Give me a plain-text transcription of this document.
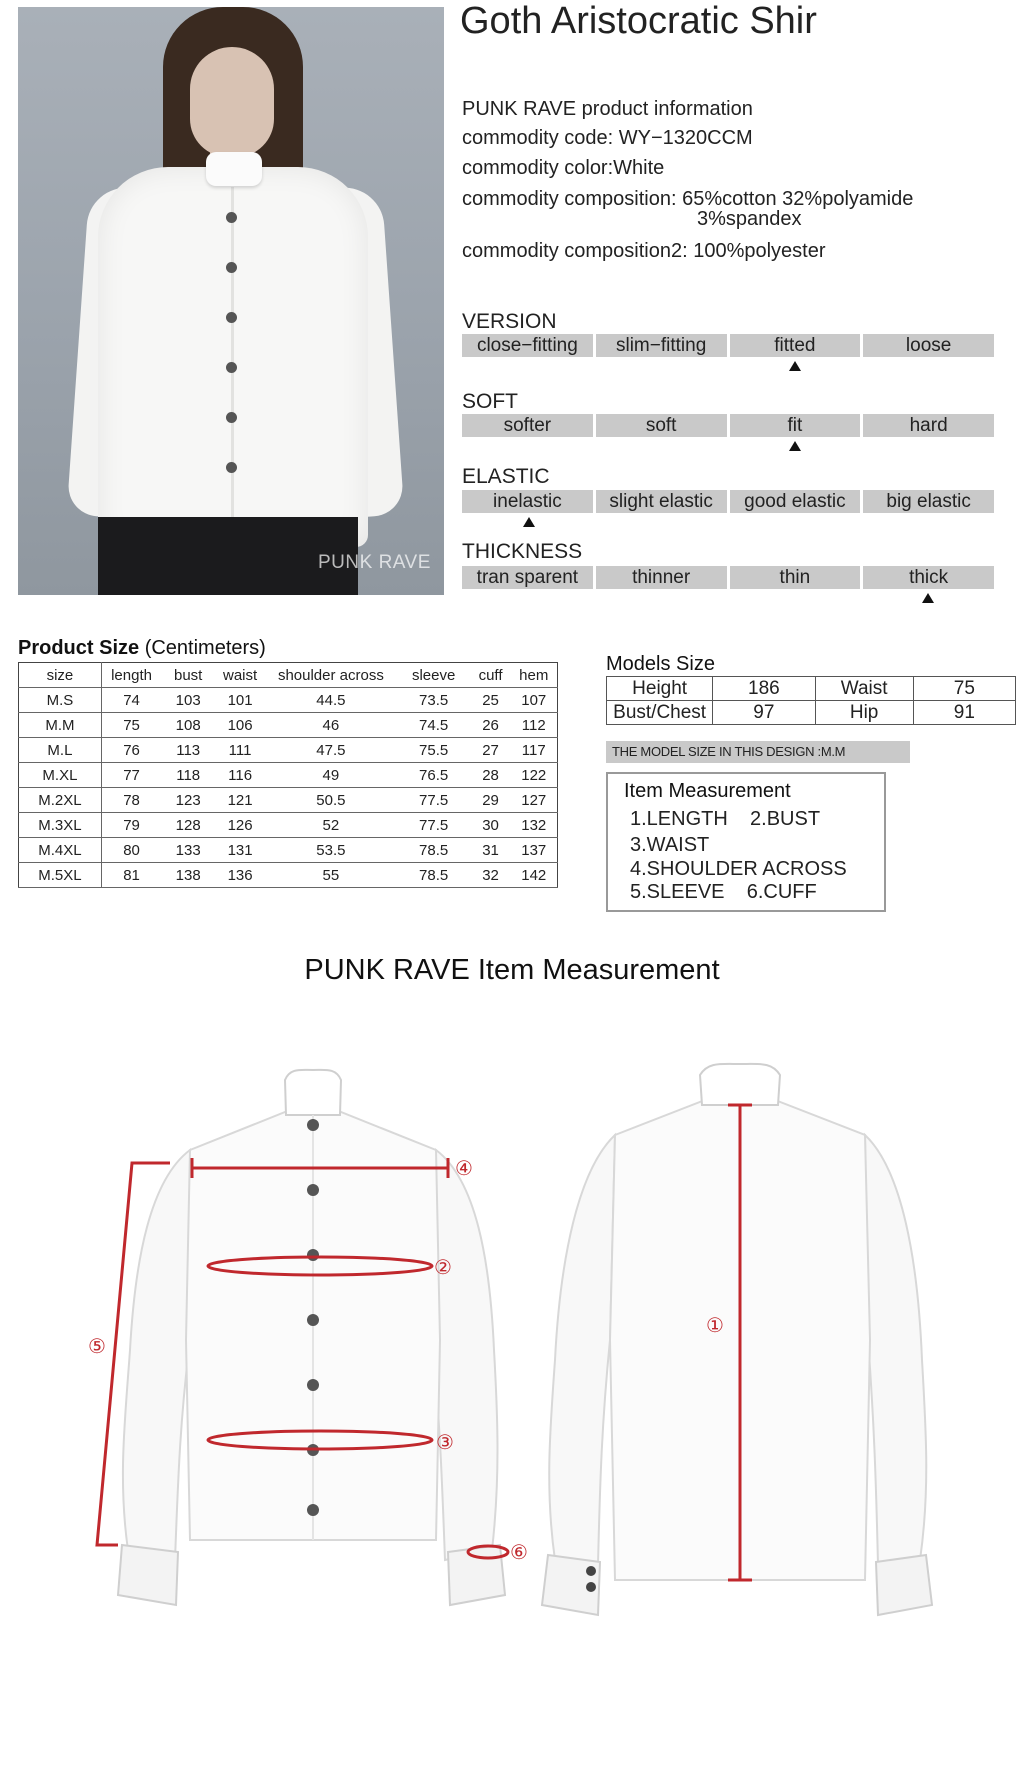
PUNK RAVE
Goth Aristocratic Shir
PUNK RAVE product information
commodity code: WY−1320CCM
commodity color:White
commodity composition: 65%cotton 32%polyamide
3%spandex
commodity composition2: 100%polyester
VERSION
close−fitting	slim−fitting	fitted	loose
SOFT
softer	soft	fit	hard
ELASTIC
inelastic	slight elastic	good elastic	big elastic
THICKNESS
tran sparent	thinner	thin	thick
Product Size (Centimeters)
size	length	bust	waist	shoulder across	sleeve	cuff	hem
M.S	74	103	101	44.5	73.5	25	107
M.M	75	108	106	46	74.5	26	112
M.L	76	113	111	47.5	75.5	27	117
M.XL	77	118	116	49	76.5	28	122
M.2XL	78	123	121	50.5	77.5	29	127
M.3XL	79	128	126	52	77.5	30	132
M.4XL	80	133	131	53.5	78.5	31	137
M.5XL	81	138	136	55	78.5	32	142
Models Size
Height	186	Waist	75
Bust/Chest	97	Hip	91
THE MODEL SIZE IN THIS DESIGN :M.M
Item Measurement
1.LENGTH    2.BUST
3.WAIST
4.SHOULDER ACROSS
5.SLEEVE    6.CUFF
PUNK RAVE Item Measurement
①
②
③
④
⑤
⑥
